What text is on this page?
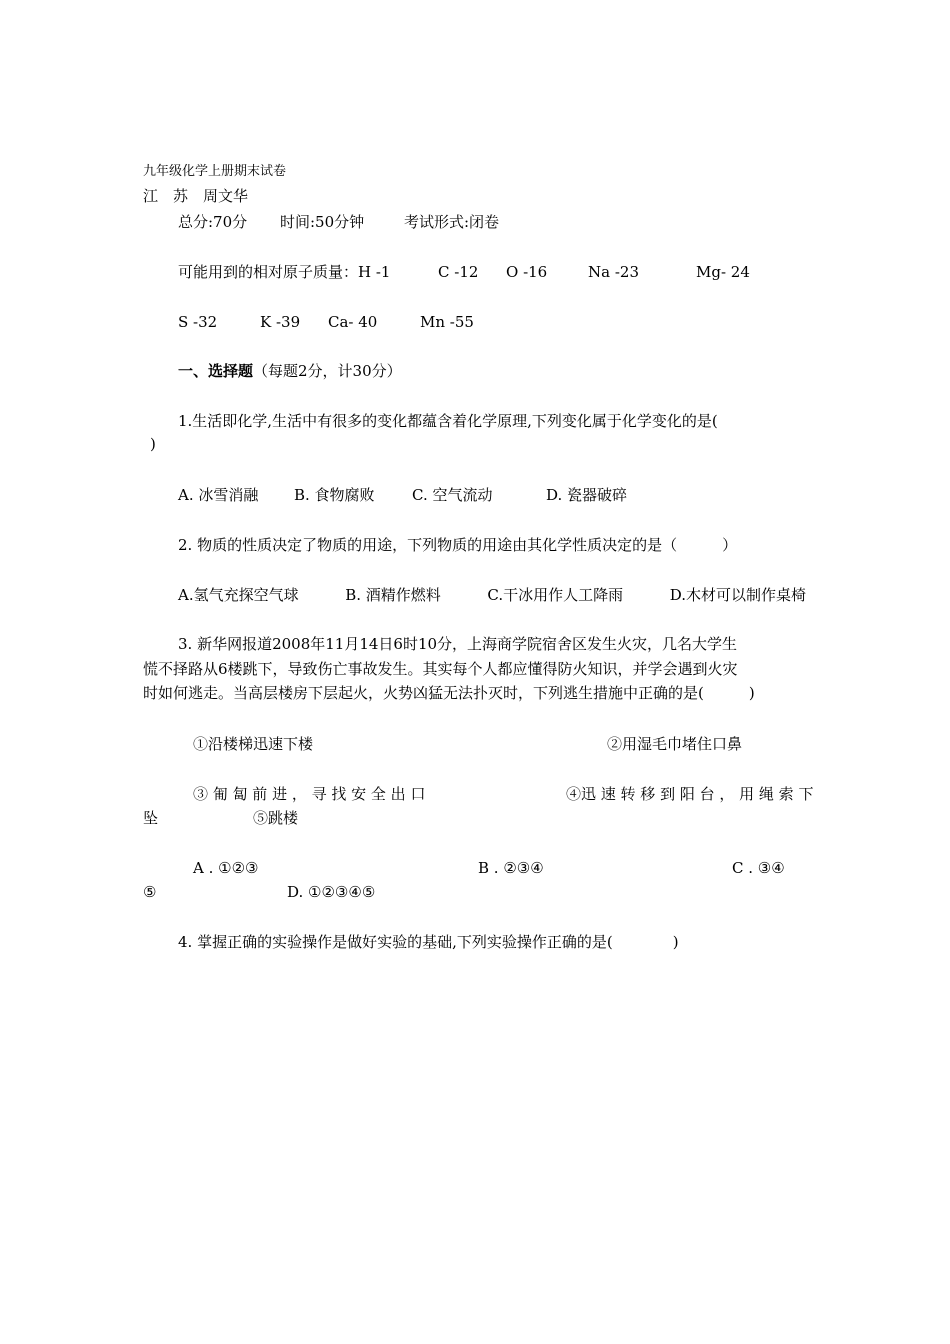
九年级化学上册期末试卷
江　苏　周文华
总分:70分	时间:50分钟	考试形式:闭卷
可能用到的相对原子质量：H -1	C -12	O -16	Na -23	Mg- 24
S -32	K -39	Ca- 40	Mn -55
一、选择题（每题2分，计30分）
1.生活即化学,生活中有很多的变化都蕴含着化学原理,下列变化属于化学变化的是(
)
A. 冰雪消融	B. 食物腐败	C. 空气流动	D. 瓷器破碎
2. 物质的性质决定了物质的用途，下列物质的用途由其化学性质决定的是（　　　）
A.氢气充探空气球	B. 酒精作燃料	C.干冰用作人工降雨	D.木材可以制作桌椅
3. 新华网报道2008年11月14日6时10分，上海商学院宿舍区发生火灾，几名大学生
慌不择路从6楼跳下，导致伤亡事故发生。其实每个人都应懂得防火知识，并学会遇到火灾
时如何逃走。当高层楼房下层起火，火势凶猛无法扑灭时，下列逃生措施中正确的是(　　　)
①沿楼梯迅速下楼	②用湿毛巾堵住口鼻
③ 匍 匐 前 进 ， 寻 找 安 全 出 口	④迅 速 转 移 到 阳 台 ， 用 绳 索 下
坠	⑤跳楼
A . ①②③	B . ②③④	C . ③④
⑤	D. ①②③④⑤
4. 掌握正确的实验操作是做好实验的基础,下列实验操作正确的是(　　　　)
